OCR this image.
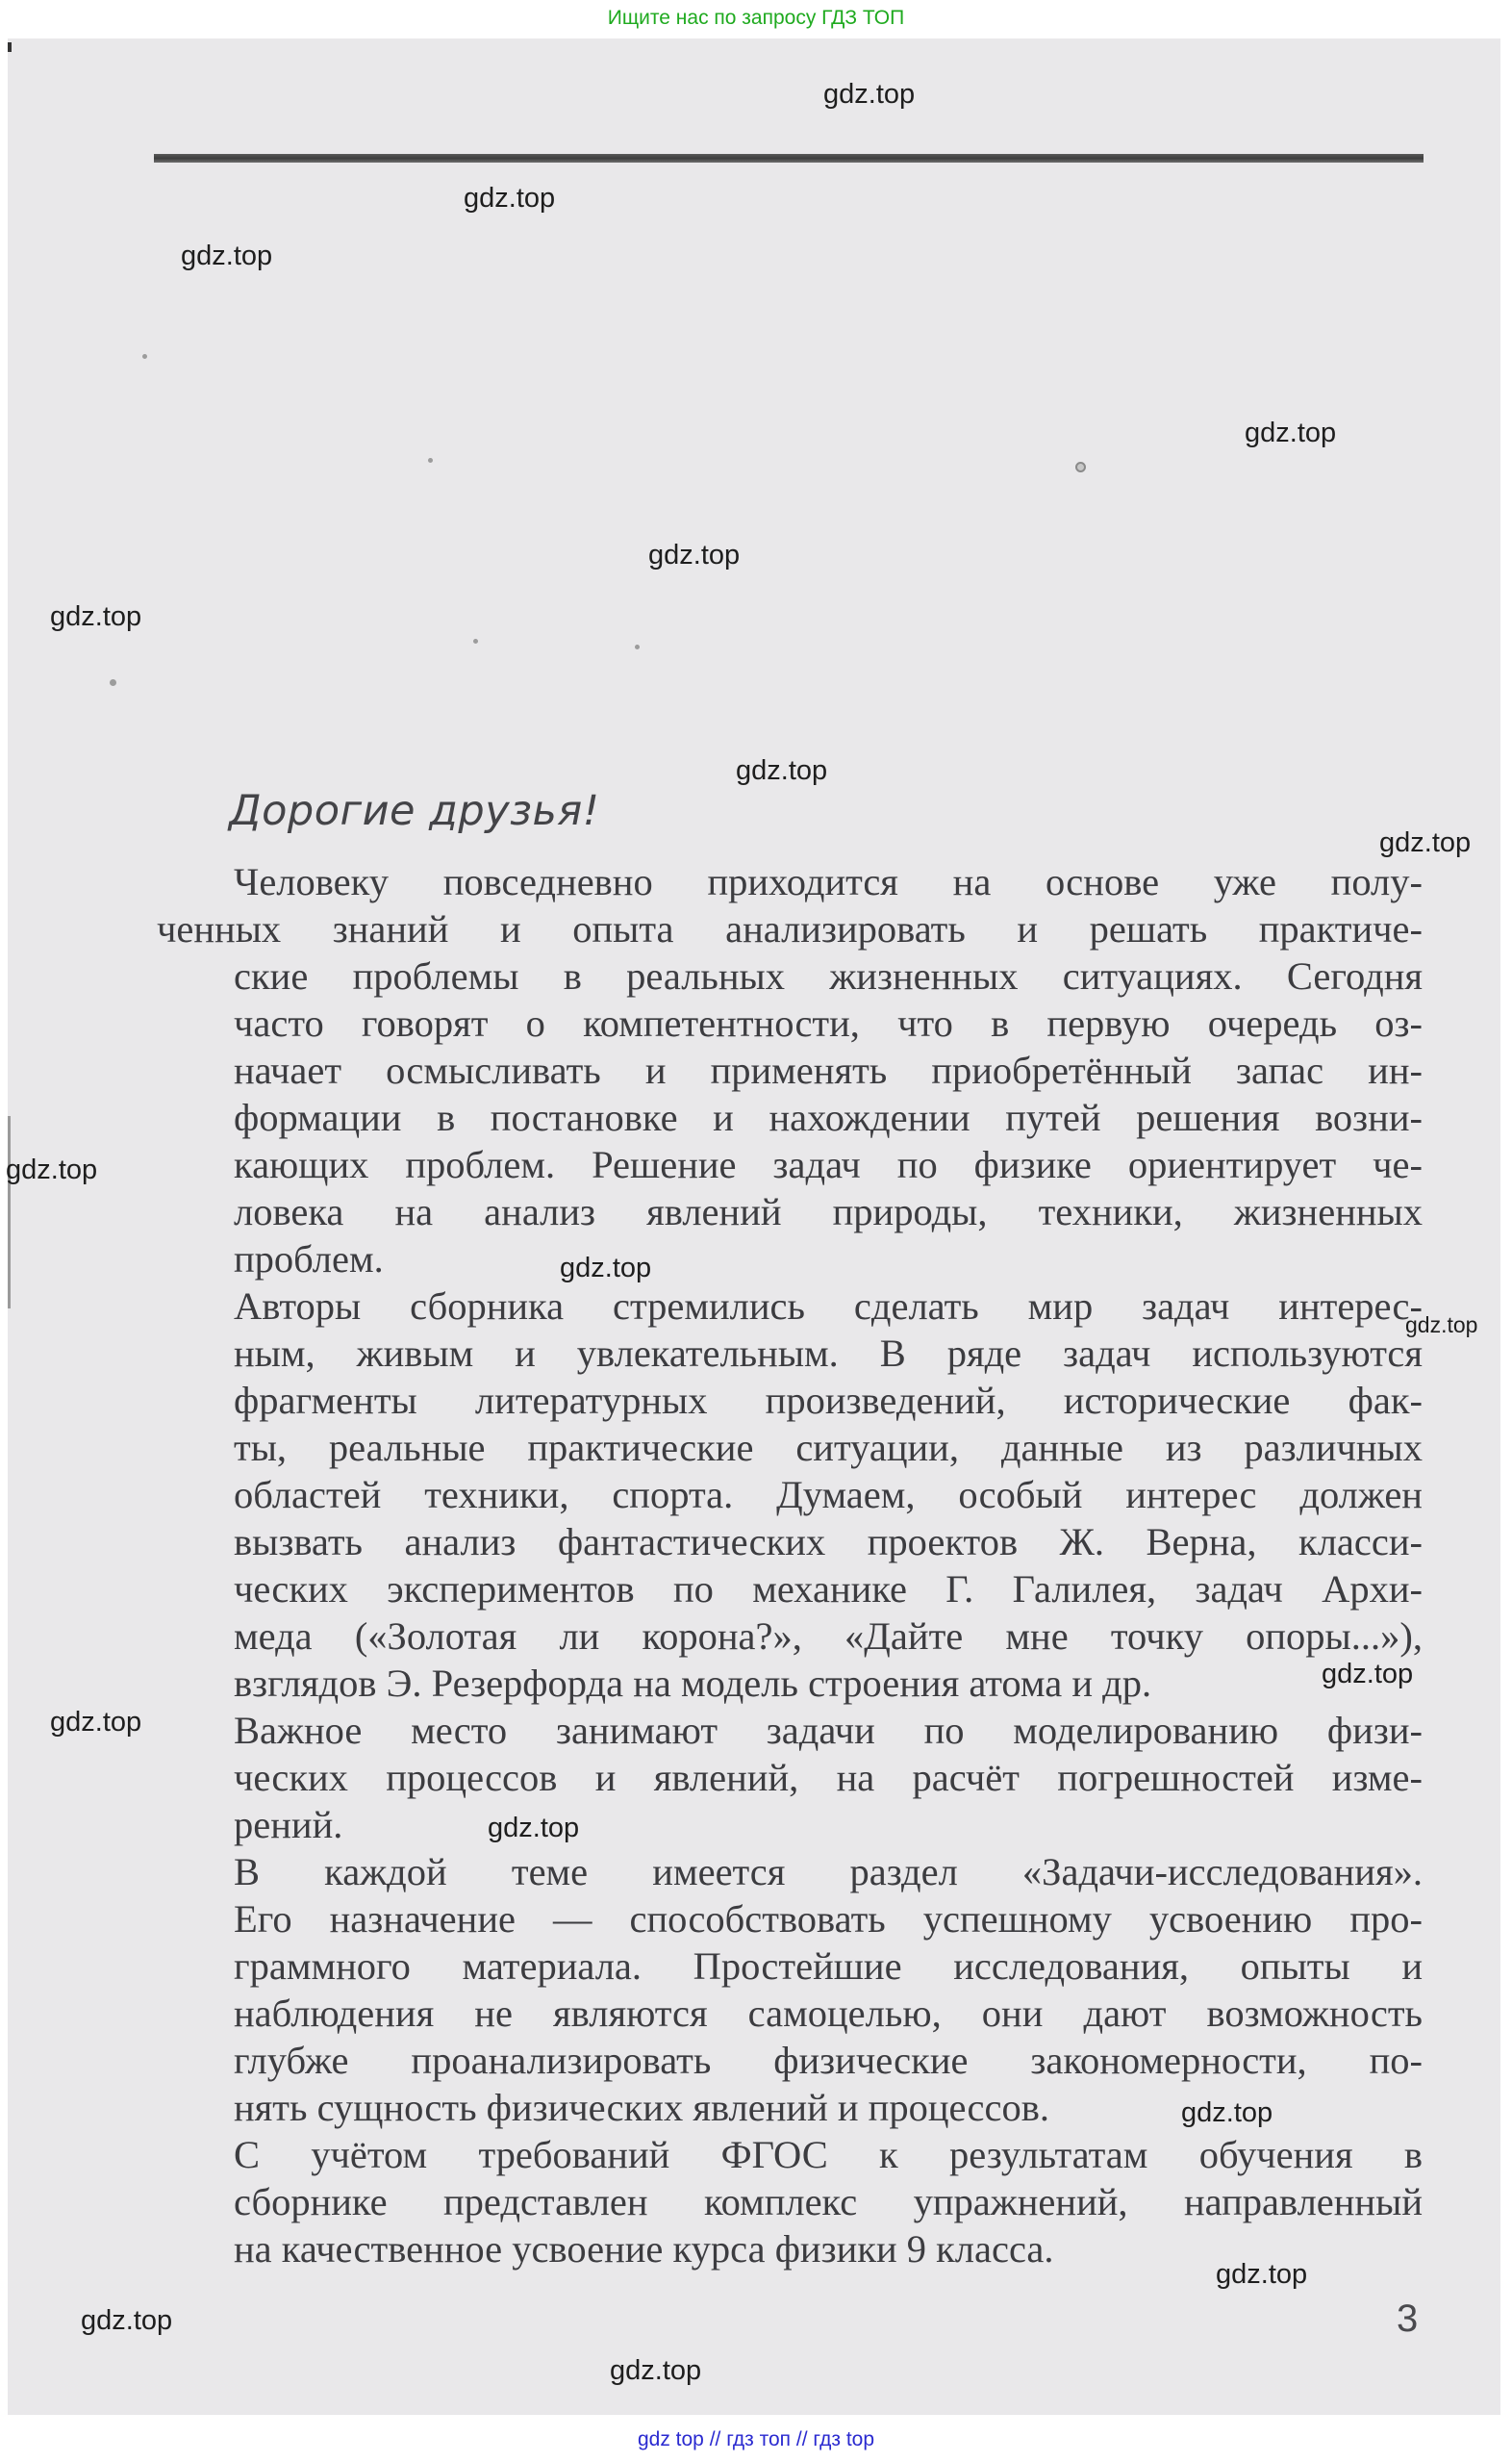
Ищите нас по запросу ГДЗ ТОП
Дорогие друзья!

Человеку повседневно приходится на основе уже полу-
ченных знаний и опыта анализировать и решать практиче-
ские проблемы в реальных жизненных ситуациях. Сегодня
часто говорят о компетентности, что в первую очередь оз-
начает осмысливать и применять приобретённый запас ин-
формации в постановке и нахождении путей решения возни-
кающих проблем. Решение задач по физике ориентирует че-
ловека на анализ явлений природы, техники, жизненных
проблем.

Авторы сборника стремились сделать мир задач интерес-
ным, живым и увлекательным. В ряде задач используются
фрагменты литературных произведений, исторические фак-
ты, реальные практические ситуации, данные из различных
областей техники, спорта. Думаем, особый интерес должен
вызвать анализ фантастических проектов Ж. Верна, класси-
ческих экспериментов по механике Г. Галилея, задач Архи-
меда («Золотая ли корона?», «Дайте мне точку опоры...»),
взглядов Э. Резерфорда на модель строения атома и др.

Важное место занимают задачи по моделированию физи-
ческих процессов и явлений, на расчёт погрешностей изме-
рений.

В каждой теме имеется раздел «Задачи-исследования».
Его назначение — способствовать успешному усвоению про-
граммного материала. Простейшие исследования, опыты и
наблюдения не являются самоцелью, они дают возможность
глубже проанализировать физические закономерности, по-
нять сущность физических явлений и процессов.

С учётом требований ФГОС к результатам обучения в
сборнике представлен комплекс упражнений, направленный
на качественное усвоение курса физики 9 класса.

3
gdz.top
gdz.top
gdz.top
gdz.top
gdz.top
gdz.top
gdz.top
gdz.top
gdz.top
gdz.top
gdz.top
gdz.top
gdz.top
gdz.top
gdz.top
gdz.top
gdz.top
gdz.top
gdz top // гдз топ // гдз top
